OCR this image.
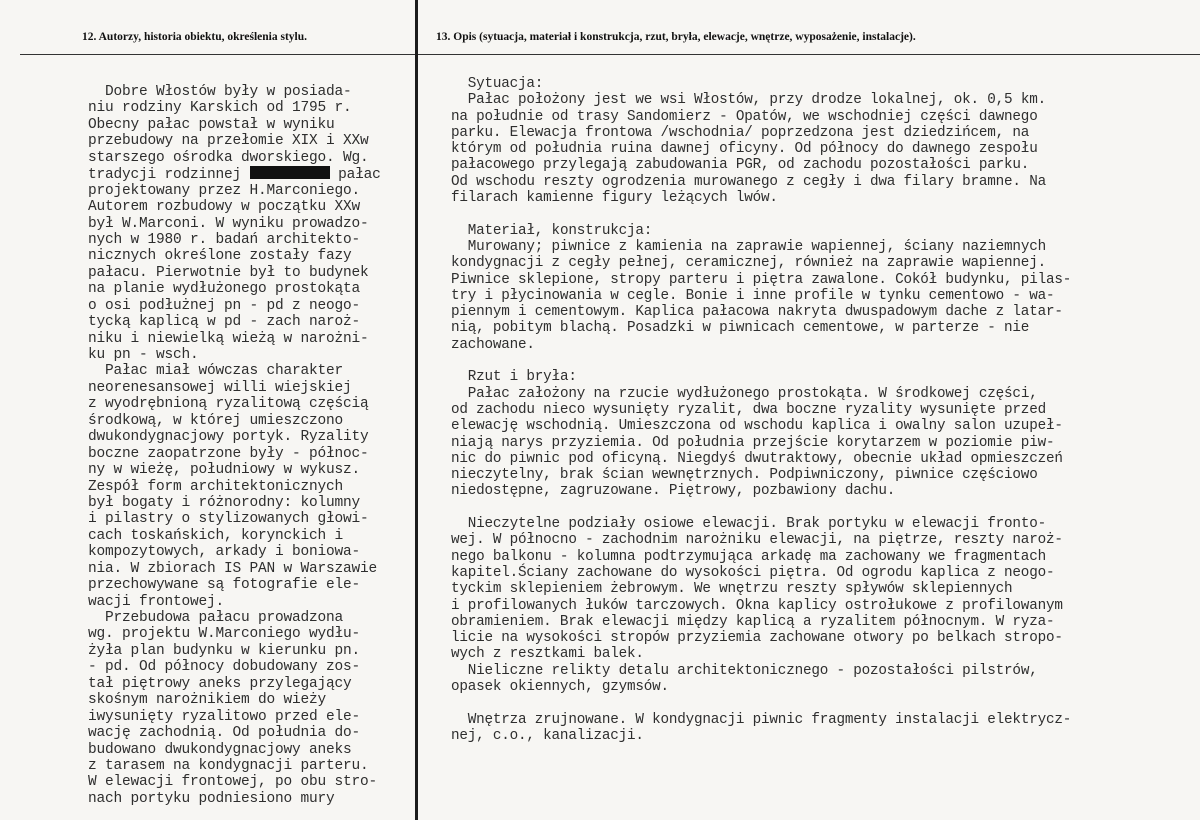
12. Autorzy, historia obiektu, określenia stylu.	13. Opis (sytuacja, materiał i konstrukcja, rzut, bryła, elewacje, wnętrze, wyposażenie, instalacje).
Dobre Włostów były w posiada-
niu rodziny Karskich od 1795 r.
Obecny pałac powstał w wyniku
przebudowy na przełomie XIX i XXw
starszego ośrodka dworskiego. Wg.
tradycji rodzinnej	pałac
projektowany przez H.Marconiego.
Autorem rozbudowy w początku XXw
był W.Marconi. W wyniku prowadzo-
nych w 1980 r. badań architekto-
nicznych określone zostały fazy
pałacu. Pierwotnie był to budynek
na planie wydłużonego prostokąta
o osi podłużnej pn - pd z neogo-
tycką kaplicą w pd - zach naroż-
niku i niewielką wieżą w narożni-
ku pn - wsch.
Pałac miał wówczas charakter
neorenesansowej willi wiejskiej
z wyodrębnioną ryzalitową częścią
środkową, w której umieszczono
dwukondygnacjowy portyk. Ryzality
boczne zaopatrzone były - północ-
ny w wieżę, południowy w wykusz.
Zespół form architektonicznych
był bogaty i różnorodny: kolumny
i pilastry o stylizowanych głowi-
cach toskańskich, korynckich i
kompozytowych, arkady i boniowa-
nia. W zbiorach IS PAN w Warszawie
przechowywane są fotografie ele-
wacji frontowej.
Przebudowa pałacu prowadzona
wg. projektu W.Marconiego wydłu-
żyła plan budynku w kierunku pn.
- pd. Od północy dobudowany zos-
tał piętrowy aneks przylegający
skośnym narożnikiem do wieży
iwysunięty ryzalitowo przed ele-
wację zachodnią. Od południa do-
budowano dwukondygnacjowy aneks
z tarasem na kondygnacji parteru.
W elewacji frontowej, po obu stro-
nach portyku podniesiono mury
Sytuacja:
Pałac położony jest we wsi Włostów, przy drodze lokalnej, ok. 0,5 km.
na południe od trasy Sandomierz - Opatów, we wschodniej części dawnego
parku. Elewacja frontowa /wschodnia/ poprzedzona jest dziedzińcem, na
którym od południa ruina dawnej oficyny. Od północy do dawnego zespołu
pałacowego przylegają zabudowania PGR, od zachodu pozostałości parku.
Od wschodu reszty ogrodzenia murowanego z cegły i dwa filary bramne. Na
filarach kamienne figury leżących lwów.
Materiał, konstrukcja:
Murowany; piwnice z kamienia na zaprawie wapiennej, ściany naziemnych
kondygnacji z cegły pełnej, ceramicznej, również na zaprawie wapiennej.
Piwnice sklepione, stropy parteru i piętra zawalone. Cokół budynku, pilas-
try i płycinowania w cegle. Bonie i inne profile w tynku cementowo - wa-
piennym i cementowym. Kaplica pałacowa nakryta dwuspadowym dache z latar-
nią, pobitym blachą. Posadzki w piwnicach cementowe, w parterze - nie
zachowane.
Rzut i bryła:
Pałac założony na rzucie wydłużonego prostokąta. W środkowej części,
od zachodu nieco wysunięty ryzalit, dwa boczne ryzality wysunięte przed
elewację wschodnią. Umieszczona od wschodu kaplica i owalny salon uzupeł-
niają narys przyziemia. Od południa przejście korytarzem w poziomie piw-
nic do piwnic pod oficyną. Niegdyś dwutraktowy, obecnie układ opmieszczeń
nieczytelny, brak ścian wewnętrznych. Podpiwniczony, piwnice częściowo
niedostępne, zagruzowane. Piętrowy, pozbawiony dachu.
Nieczytelne podziały osiowe elewacji. Brak portyku w elewacji fronto-
wej. W północno - zachodnim narożniku elewacji, na piętrze, reszty naroż-
nego balkonu - kolumna podtrzymująca arkadę ma zachowany we fragmentach
kapitel.Ściany zachowane do wysokości piętra. Od ogrodu kaplica z neogo-
tyckim sklepieniem żebrowym. We wnętrzu reszty spływów sklepiennych
i profilowanych łuków tarczowych. Okna kaplicy ostrołukowe z profilowanym
obramieniem. Brak elewacji między kaplicą a ryzalitem północnym. W ryza-
licie na wysokości stropów przyziemia zachowane otwory po belkach stropo-
wych z resztkami balek.
Nieliczne relikty detalu architektonicznego - pozostałości pilstrów,
opasek okiennych, gzymsów.
Wnętrza zrujnowane. W kondygnacji piwnic fragmenty instalacji elektrycz-
nej, c.o., kanalizacji.
